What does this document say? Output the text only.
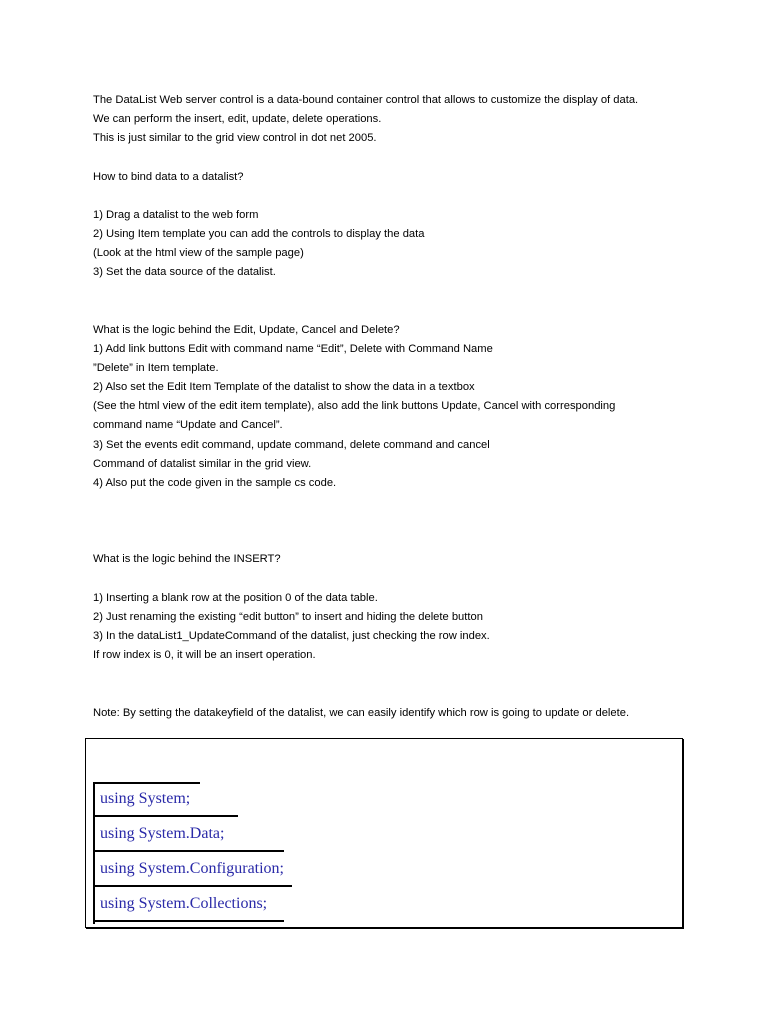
The DataList Web server control is a data-bound container control that allows to customize the display of data.
We can perform the insert, edit, update, delete operations.
This is just similar to the grid view control in dot net 2005.
How to bind data to a datalist?
1) Drag a datalist to the web form
2) Using Item template you can add the controls to display the data
(Look at the html view of the sample page)
3) Set the data source of the datalist.
What is the logic behind the Edit, Update, Cancel and Delete?
1) Add link buttons Edit with command name “Edit”, Delete with Command Name
”Delete” in Item template.
2) Also set the Edit Item Template of the datalist to show the data in a textbox
(See the html view of the edit item template), also add the link buttons Update, Cancel with corresponding
command name “Update and Cancel”.
3) Set the events edit command, update command, delete command and cancel
Command of datalist similar in the grid view.
4) Also put the code given in the sample cs code.
What is the logic behind the INSERT?
1) Inserting a blank row at the position 0 of the data table.
2) Just renaming the existing “edit button” to insert and hiding the delete button
3) In the dataList1_UpdateCommand of the datalist, just checking the row index.
If row index is 0, it will be an insert operation.
Note: By setting the datakeyfield of the datalist, we can easily identify which row is going to update or delete.
using System;
using System.Data;
using System.Configuration;
using System.Collections;
